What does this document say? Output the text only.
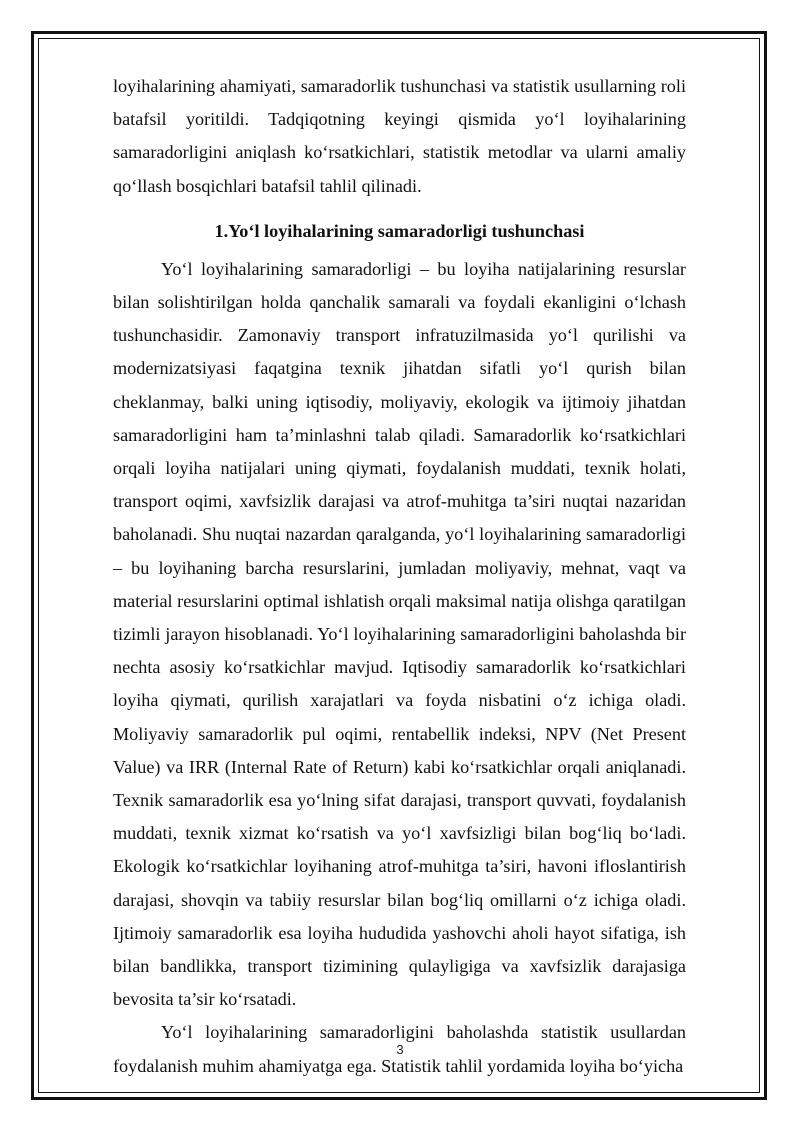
loyihalarining ahamiyati, samaradorlik tushunchasi va statistik usullarning roli batafsil yoritildi. Tadqiqotning keyingi qismida yo‘l loyihalarining samaradorligini aniqlash ko‘rsatkichlari, statistik metodlar va ularni amaliy qo‘llash bosqichlari batafsil tahlil qilinadi.

1.Yo‘l loyihalarining samaradorligi tushunchasi

Yo‘l loyihalarining samaradorligi – bu loyiha natijalarining resurslar bilan solishtirilgan holda qanchalik samarali va foydali ekanligini o‘lchash tushunchasidir. Zamonaviy transport infratuzilmasida yo‘l qurilishi va modernizatsiyasi faqatgina texnik jihatdan sifatli yo‘l qurish bilan cheklanmay, balki uning iqtisodiy, moliyaviy, ekologik va ijtimoiy jihatdan samaradorligini ham ta’minlashni talab qiladi. Samaradorlik ko‘rsatkichlari orqali loyiha natijalari uning qiymati, foydalanish muddati, texnik holati, transport oqimi, xavfsizlik darajasi va atrof-muhitga ta’siri nuqtai nazaridan baholanadi. Shu nuqtai nazardan qaralganda, yo‘l loyihalarining samaradorligi – bu loyihaning barcha resurslarini, jumladan moliyaviy, mehnat, vaqt va material resurslarini optimal ishlatish orqali maksimal natija olishga qaratilgan tizimli jarayon hisoblanadi. Yo‘l loyihalarining samaradorligini baholashda bir nechta asosiy ko‘rsatkichlar mavjud. Iqtisodiy samaradorlik ko‘rsatkichlari loyiha qiymati, qurilish xarajatlari va foyda nisbatini o‘z ichiga oladi. Moliyaviy samaradorlik pul oqimi, rentabellik indeksi, NPV (Net Present Value) va IRR (Internal Rate of Return) kabi ko‘rsatkichlar orqali aniqlanadi. Texnik samaradorlik esa yo‘lning sifat darajasi, transport quvvati, foydalanish muddati, texnik xizmat ko‘rsatish va yo‘l xavfsizligi bilan bog‘liq bo‘ladi. Ekologik ko‘rsatkichlar loyihaning atrof-muhitga ta’siri, havoni ifloslantirish darajasi, shovqin va tabiiy resurslar bilan bog‘liq omillarni o‘z ichiga oladi. Ijtimoiy samaradorlik esa loyiha hududida yashovchi aholi hayot sifatiga, ish bilan bandlikka, transport tizimining qulayligiga va xavfsizlik darajasiga bevosita ta’sir ko‘rsatadi.

Yo‘l loyihalarining samaradorligini baholashda statistik usullardan foydalanish muhim ahamiyatga ega. Statistik tahlil yordamida loyiha bo‘yicha

3
